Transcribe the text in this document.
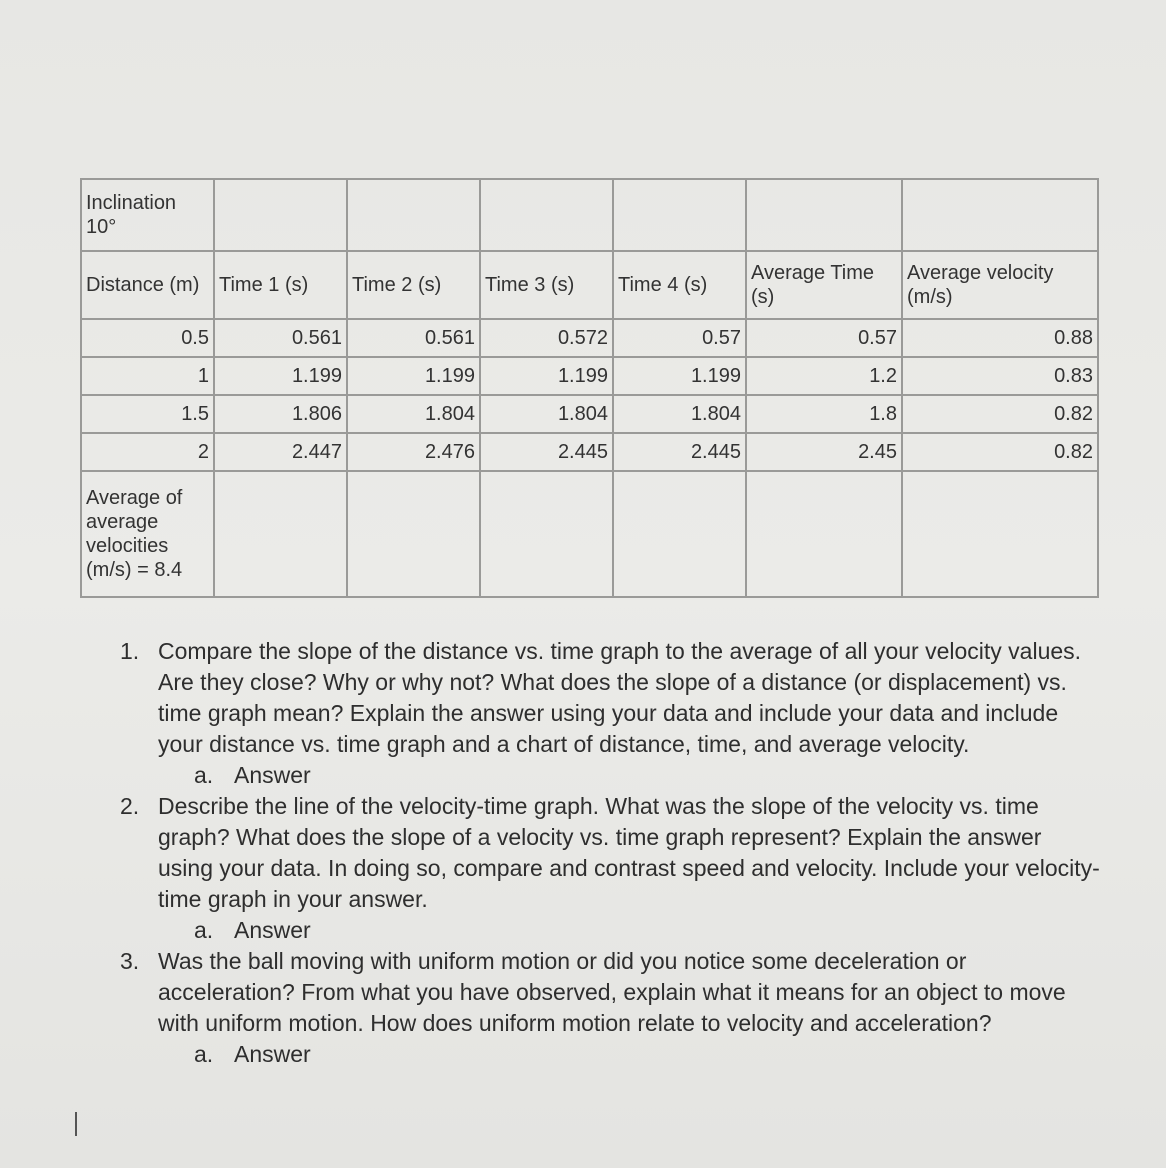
Inclination
10°						

Distance (m)	Time 1 (s)	Time 2 (s)	Time 3 (s)	Time 4 (s)	Average Time (s)	Average velocity (m/s)
0.5	0.561	0.561	0.572	0.57	0.57	0.88
1	1.199	1.199	1.199	1.199	1.2	0.83
1.5	1.806	1.804	1.804	1.804	1.8	0.82
2	2.447	2.476	2.445	2.445	2.45	0.82
Average of average velocities (m/s) = 8.4						

1. Compare the slope of the distance vs. time graph to the average of all your velocity values. Are they close? Why or why not? What does the slope of a distance (or displacement) vs. time graph mean? Explain the answer using your data and include your data and include your distance vs. time graph and a chart of distance, time, and average velocity.

a. Answer

2. Describe the line of the velocity-time graph. What was the slope of the velocity vs. time graph? What does the slope of a velocity vs. time graph represent? Explain the answer using your data. In doing so, compare and contrast speed and velocity. Include your velocity-time graph in your answer.

a. Answer

3. Was the ball moving with uniform motion or did you notice some deceleration or acceleration? From what you have observed, explain what it means for an object to move with uniform motion. How does uniform motion relate to velocity and acceleration?

a. Answer
